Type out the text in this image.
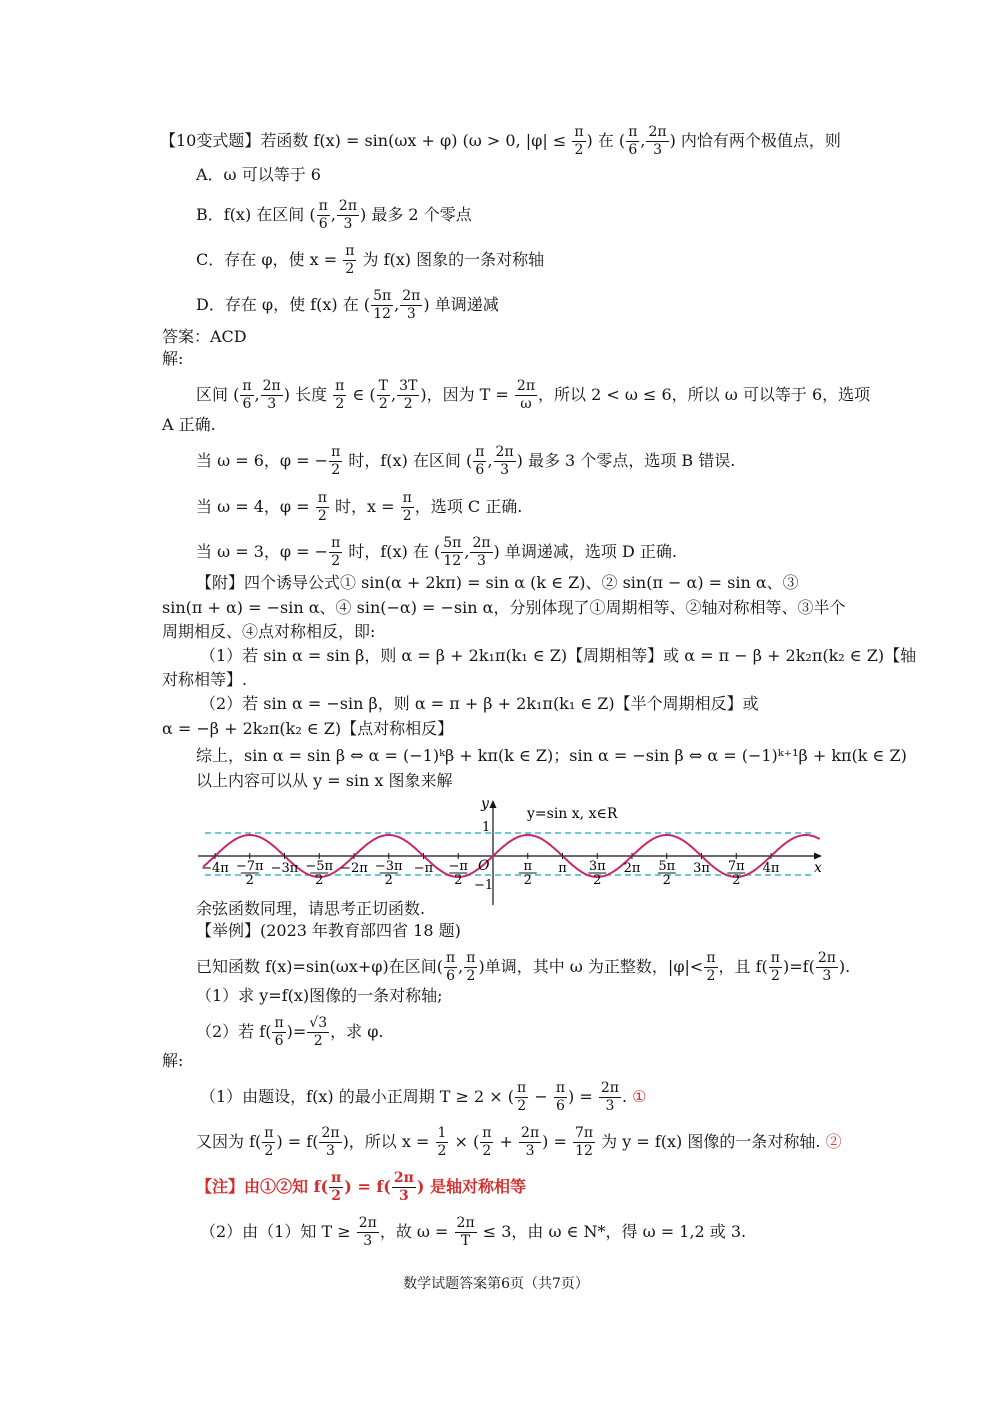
【10变式题】若函数 f(x) = sin(ωx + φ) (ω > 0, $|\varphi| \le \frac{\pi}{2}$ ) 在 ( $\frac{\pi}{6}$ , $\frac{2\pi}{3}$ ) 内恰有两个极值点，则
A．ω 可以等于 6
B．f(x) 在区间 ( $\frac{\pi}{6}$ , $\frac{2\pi}{3}$ ) 最多 2 个零点
C．存在 φ，使 $x = \frac{\pi}{2}$ 为 f(x) 图象的一条对称轴
D．存在 φ，使 f(x) 在 ( $\frac{5\pi}{12}$ , $\frac{2\pi}{3}$ ) 单调递减
答案：ACD
解:
区间 ( $\frac{\pi}{6}$ , $\frac{2\pi}{3}$ ) 长度 $\frac{\pi}{2}$ ∈ ( $\frac{T}{2}$ , $\frac{3T}{2}$ )，因为 $T = \frac{2\pi}{\omega}$ ，所以 2 < ω ≤ 6，所以 ω 可以等于 6，选项
A 正确.
当 ω = 6，φ = − $\frac{\pi}{2}$ 时，f(x) 在区间 ( $\frac{\pi}{6}$ , $\frac{2\pi}{3}$ ) 最多 3 个零点，选项 B 错误.
当 ω = 4，$\varphi = \frac{\pi}{2}$ 时，$x = \frac{\pi}{2}$ ，选项 C 正确.
当 ω = 3，φ = − $\frac{\pi}{2}$ 时，f(x) 在 ( $\frac{5\pi}{12}$ , $\frac{2\pi}{3}$ ) 单调递减，选项 D 正确.
【附】四个诱导公式① sin(α + 2kπ) = sin α (k ∈ Z)、② sin(π − α) = sin α、③
sin(π + α) = −sin α、④ sin(−α) = −sin α，分别体现了①周期相等、②轴对称相等、③半个
周期相反、④点对称相反，即:
（1）若 sin α = sin β，则 α = β + 2k₁π(k₁ ∈ Z)【周期相等】或 α = π − β + 2k₂π(k₂ ∈ Z)【轴
对称相等】.
（2）若 sin α = −sin β，则 α = π + β + 2k₁π(k₁ ∈ Z)【半个周期相反】或
α = −β + 2k₂π(k₂ ∈ Z)【点对称相反】
综上，sin α = sin β ⇔ α = (−1)ᵏβ + kπ(k ∈ Z)；sin α = −sin β ⇔ α = (−1)ᵏ⁺¹β + kπ(k ∈ Z)
以上内容可以从 y = sin x 图象来解
−4π −7π 2
−3π −5π 2
−2π −3π 2
−π −π 2
π 2
π 3π 2
2π 5π 2
3π 7π 2
4π
y=sin x, x∈R
y
x
O
1
−1
余弦函数同理，请思考正切函数.
【举例】(2023 年教育部四省 18 题)
已知函数 f(x)=sin(ωx+φ)在区间( $\frac{\pi}{6}$ , $\frac{\pi}{2}$ )单调，其中 ω 为正整数，$|\varphi|< \frac{\pi}{2}$ ，且 $f( \frac{\pi}{2} )=f( \frac{2\pi}{3}$ ).
（1）求 y=f(x)图像的一条对称轴;
（2）若 $f( \frac{\pi}{6}$ )= $\frac{√3}{2}$ ，求 φ.
解:
（1）由题设，f(x) 的最小正周期 T ≥ 2 × ( $\frac{\pi}{2} - \frac{\pi}{6}$ ) = $\frac{2\pi}{3}$ . ①
又因为 $f( \frac{\pi}{2}$ ) = $f( \frac{2\pi}{3}$ )，所以 $x = \frac{1}{2}$ × ( $\frac{\pi}{2} + \frac{2\pi}{3}$ ) = $\frac{7\pi}{12}$ 为 y = f(x) 图像的一条对称轴. ②
【注】由①②知 $f( \frac{\pi}{2}$ ) = $f( \frac{2\pi}{3}$ ) 是轴对称相等
（2）由（1）知 $T \ge \frac{2\pi}{3}$ ，故 $\omega = \frac{2\pi}{T} \le 3$，由 ω ∈ N*，得 ω = 1,2 或 3.
数学试题答案第6页（共7页）
